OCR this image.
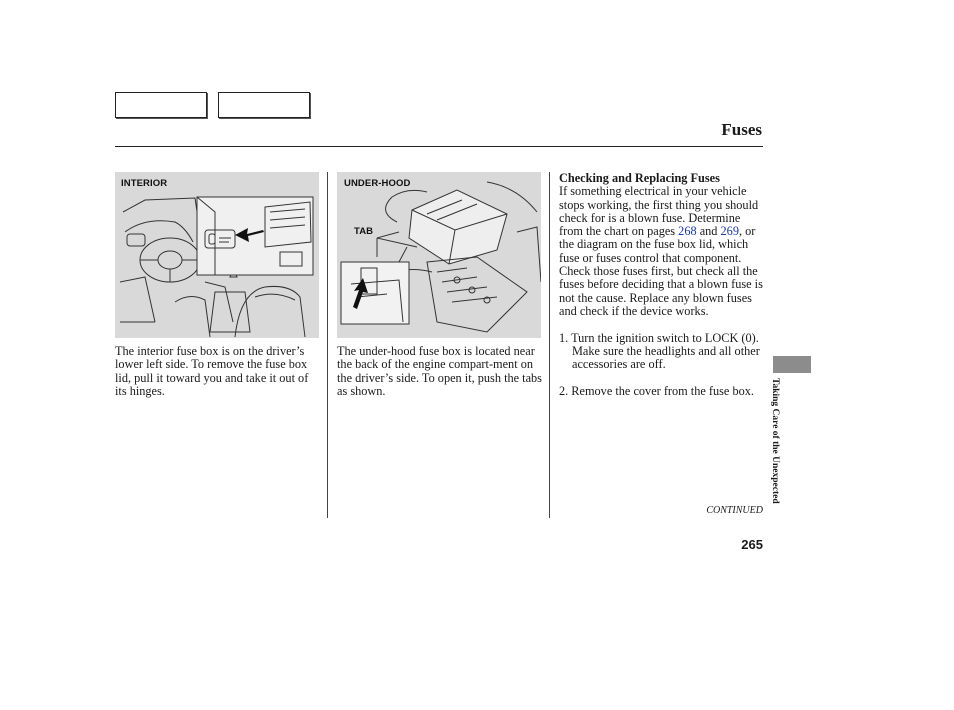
Fuses
INTERIOR	UNDER-HOOD
TAB

The interior fuse box is on the driver’s lower left side. To remove the fuse box lid, pull it toward you and take it out of its hinges.

The under-hood fuse box is located near the back of the engine compart-ment on the driver’s side. To open it, push the tabs as shown.

Checking and Replacing Fuses

If something electrical in your vehicle stops working, the first thing you should check for is a blown fuse. Determine from the chart on pages 268 and 269, or the diagram on the fuse box lid, which fuse or fuses control that component. Check those fuses first, but check all the fuses before deciding that a blown fuse is not the cause. Replace any blown fuses and check if the device works.

1. Turn the ignition switch to LOCK (0). Make sure the headlights and all other accessories are off.

2. Remove the cover from the fuse box.

CONTINUED
265
Taking Care of the Unexpected
